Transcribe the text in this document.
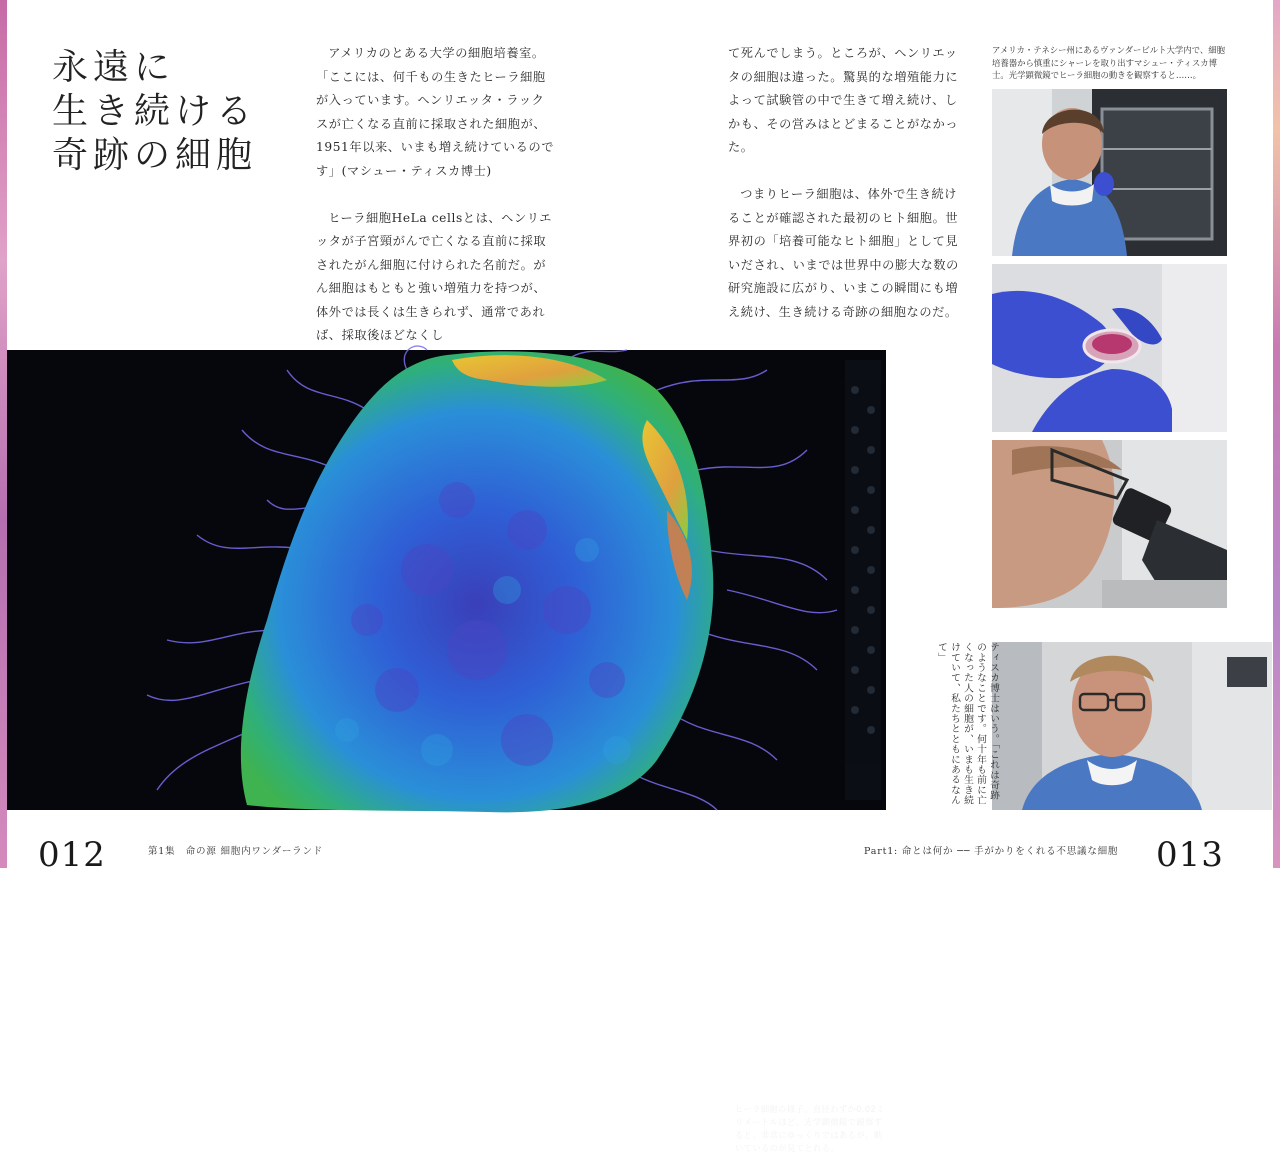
永遠に
生き続ける
奇跡の細胞

アメリカのとある大学の細胞培養室。

「ここには、何千もの生きたヒーラ細胞が入っています。ヘンリエッタ・ラックスが亡くなる直前に採取された細胞が、1951年以来、いまも増え続けているのです」(マシュー・ティスカ博士)

ヒーラ細胞HeLa cellsとは、ヘンリエッタが子宮頸がんで亡くなる直前に採取されたがん細胞に付けられた名前だ。がん細胞はもともと強い増殖力を持つが、体外では長くは生きられず、通常であれば、採取後ほどなくし

て死んでしまう。ところが、ヘンリエッタの細胞は違った。驚異的な増殖能力によって試験管の中で生きて増え続け、しかも、その営みはとどまることがなかった。

つまりヒーラ細胞は、体外で生き続けることが確認された最初のヒト細胞。世界初の「培養可能なヒト細胞」として見いだされ、いまでは世界中の膨大な数の研究施設に広がり、いまこの瞬間にも増え続け、生き続ける奇跡の細胞なのだ。

アメリカ・テネシー州にあるヴァンダービルト大学内で、細胞培養器から慎重にシャーレを取り出すマシュー・ティスカ博士。光学顕微鏡でヒーラ細胞の動きを観察すると……。
ヒーラ細胞の様子。直径わずか0.02ミリメートルほど。光学顕微鏡で観察すると、非常にゆっくりではあるが、動いているのが見てとれる。
ティスカ博士はいう。「これは奇跡のようなことです。何十年も前に亡くなった人の細胞が、いまも生き続けていて、私たちとともにあるなんて」
012	第1集　命の源 細胞内ワンダーランド	Part1: 命とは何か ── 手がかりをくれる不思議な細胞 013
